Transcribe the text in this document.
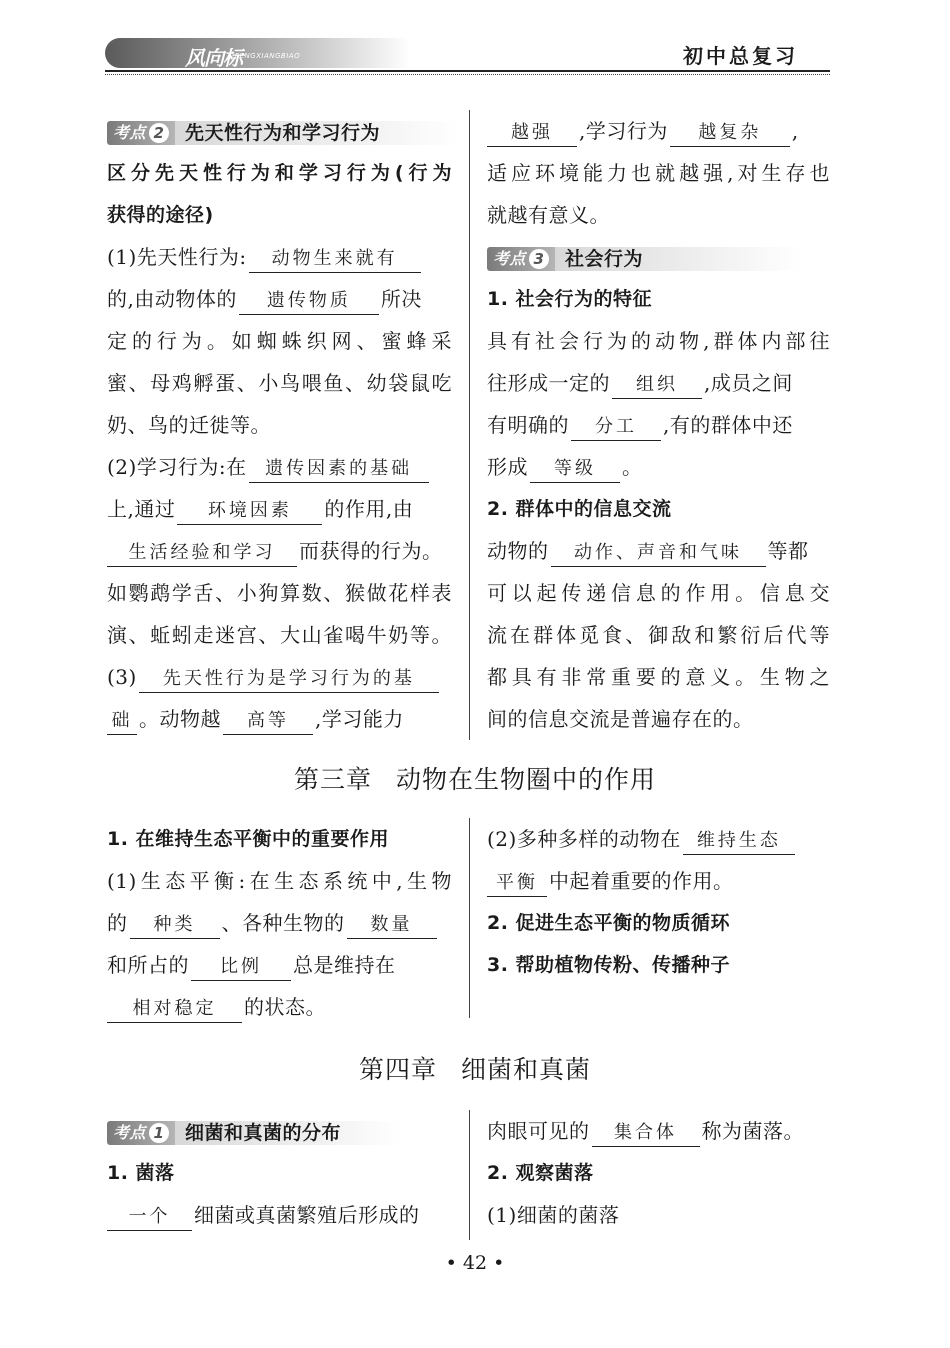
风向标
FENGXIANGBIAO	初中总复习
考点 2 先天性行为和学习行为
区分先天性行为和学习行为(行为
获得的途径)
(1)先天性行为: 动物生来就有
的,由动物体的 遗传物质 所决
定的行为。如蜘蛛织网、蜜蜂采
蜜、母鸡孵蛋、小鸟喂鱼、幼袋鼠吃
奶、鸟的迁徙等。
(2)学习行为:在 遗传因素的基础
上,通过 环境因素 的作用,由
生活经验和学习 而获得的行为。
如鹦鹉学舌、小狗算数、猴做花样表
演、蚯蚓走迷宫、大山雀喝牛奶等。
(3) 先天性行为是学习行为的基
础 。动物越 高等 ,学习能力
越强 ,学习行为 越复杂 ,
适应环境能力也就越强,对生存也
就越有意义。
考点 3 社会行为
1. 社会行为的特征
具有社会行为的动物,群体内部往
往形成一定的 组织 ,成员之间
有明确的 分工 ,有的群体中还
形成 等级 。
2. 群体中的信息交流
动物的 动作、声音和气味 等都
可以起传递信息的作用。信息交
流在群体觅食、御敌和繁衍后代等
都具有非常重要的意义。生物之
间的信息交流是普遍存在的。
第三章 动物在生物圈中的作用
1. 在维持生态平衡中的重要作用
(1)生态平衡:在生态系统中,生物
的 种类 、各种生物的 数量
和所占的 比例 总是维持在
相对稳定 的状态。
(2)多种多样的动物在 维持生态
平衡 中起着重要的作用。
2. 促进生态平衡的物质循环
3. 帮助植物传粉、传播种子
第四章 细菌和真菌
考点 1 细菌和真菌的分布
1. 菌落
一个 细菌或真菌繁殖后形成的
肉眼可见的 集合体 称为菌落。
2. 观察菌落
(1)细菌的菌落
• 42 •
